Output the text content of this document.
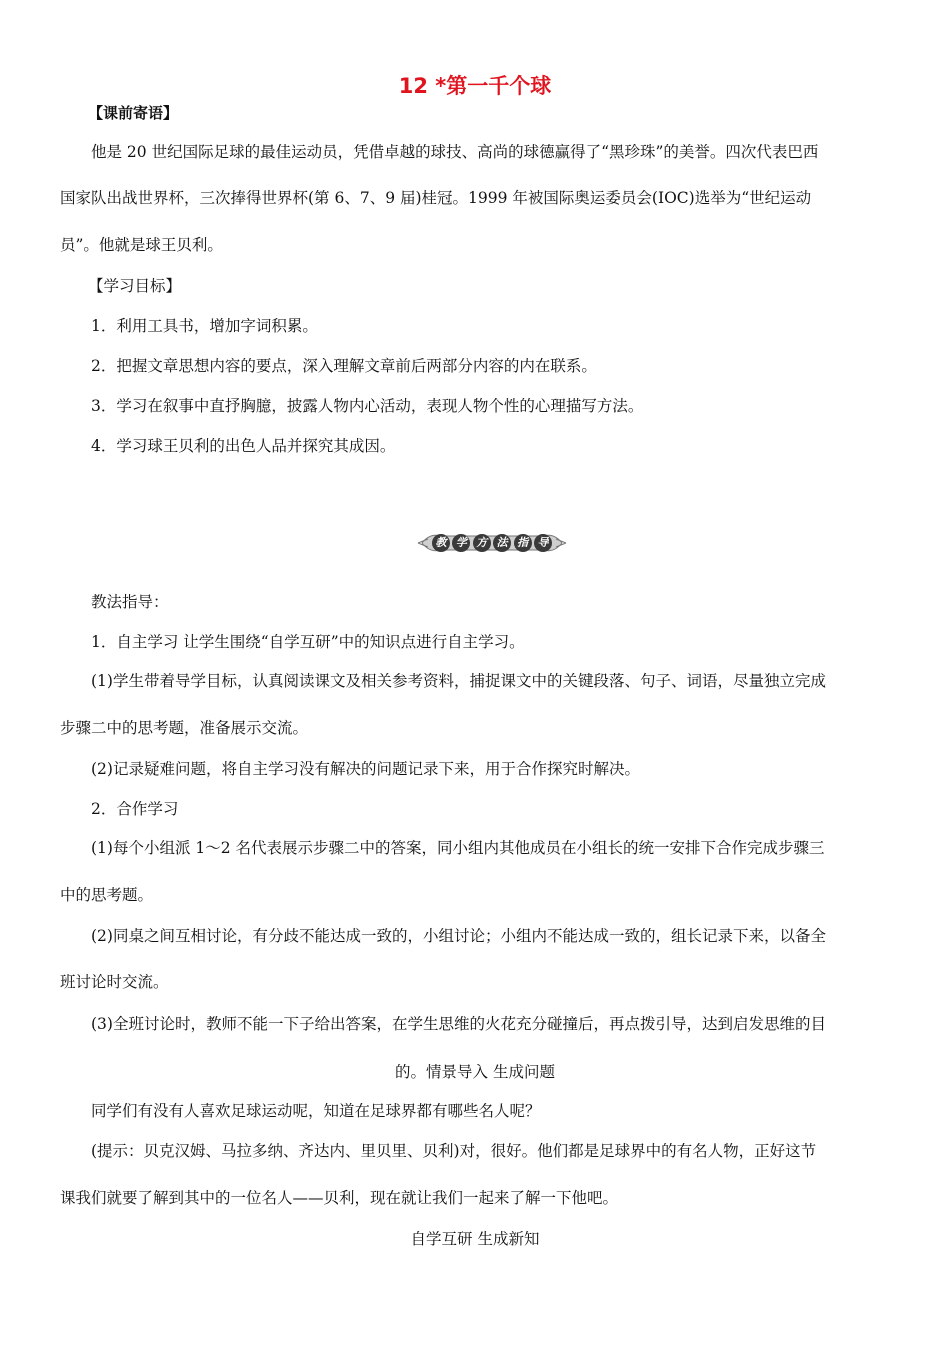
12 *第一千个球
【课前寄语】
他是 20 世纪国际足球的最佳运动员，凭借卓越的球技、高尚的球德赢得了“黑珍珠”的美誉。四次代表巴西
国家队出战世界杯，三次捧得世界杯(第 6、7、9 届)桂冠。1999 年被国际奥运委员会(IOC)选举为“世纪运动
员”。他就是球王贝利。
【学习目标】
1．利用工具书，增加字词积累。
2．把握文章思想内容的要点，深入理解文章前后两部分内容的内在联系。
3．学习在叙事中直抒胸臆，披露人物内心活动，表现人物个性的心理描写方法。
4．学习球王贝利的出色人品并探究其成因。
教 学 方 法 指 导
教法指导：
1．自主学习 让学生围绕“自学互研”中的知识点进行自主学习。
(1)学生带着导学目标，认真阅读课文及相关参考资料，捕捉课文中的关键段落、句子、词语，尽量独立完成
步骤二中的思考题，准备展示交流。
(2)记录疑难问题，将自主学习没有解决的问题记录下来，用于合作探究时解决。
2．合作学习
(1)每个小组派 1～2 名代表展示步骤二中的答案，同小组内其他成员在小组长的统一安排下合作完成步骤三
中的思考题。
(2)同桌之间互相讨论，有分歧不能达成一致的，小组讨论；小组内不能达成一致的，组长记录下来，以备全
班讨论时交流。
(3)全班讨论时，教师不能一下子给出答案，在学生思维的火花充分碰撞后，再点拨引导，达到启发思维的目
的。情景导入 生成问题
同学们有没有人喜欢足球运动呢，知道在足球界都有哪些名人呢？
(提示：贝克汉姆、马拉多纳、齐达内、里贝里、贝利)对，很好。他们都是足球界中的有名人物，正好这节
课我们就要了解到其中的一位名人——贝利，现在就让我们一起来了解一下他吧。
自学互研 生成新知
